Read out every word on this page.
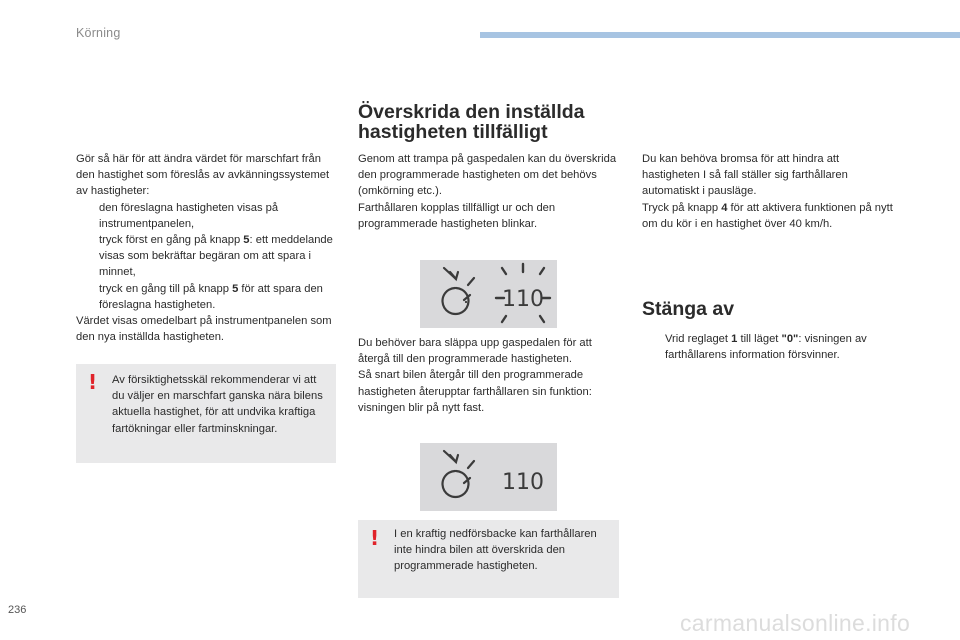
Körning

Gör så här för att ändra värdet för marschfart från den hastighet som föreslås av avkänningssystemet av hastigheter:

den föreslagna hastigheten visas på instrumentpanelen,
tryck först en gång på knapp 5: ett meddelande visas som bekräftar begäran om att spara i minnet,
tryck en gång till på knapp 5 för att spara den föreslagna hastigheten.

Värdet visas omedelbart på instrumentpanelen som den nya inställda hastigheten.

! Av försiktighetsskäl rekommenderar vi att du väljer en marschfart ganska nära bilens aktuella hastighet, för att undvika kraftiga fartökningar eller fartminskningar.
Överskrida den inställda
hastigheten tillfälligt

Genom att trampa på gaspedalen kan du överskrida den programmerade hastigheten om det behövs (omkörning etc.).

Farthållaren kopplas tillfälligt ur och den programmerade hastigheten blinkar.

110

Du behöver bara släppa upp gaspedalen för att återgå till den programmerade hastigheten.

Så snart bilen återgår till den programmerade hastigheten återupptar farthållaren sin funktion: visningen blir på nytt fast.

110
! I en kraftig nedförsbacke kan farthållaren inte hindra bilen att överskrida den programmerade hastigheten.

Du kan behöva bromsa för att hindra att hastigheten I så fall ställer sig farthållaren automatiskt i pausläge.

Tryck på knapp 4 för att aktivera funktionen på nytt om du kör i en hastighet över 40 km/h.

Stänga av
Vrid reglaget 1 till läget "0": visningen av farthållarens information försvinner.
236	carmanualsonline.info
